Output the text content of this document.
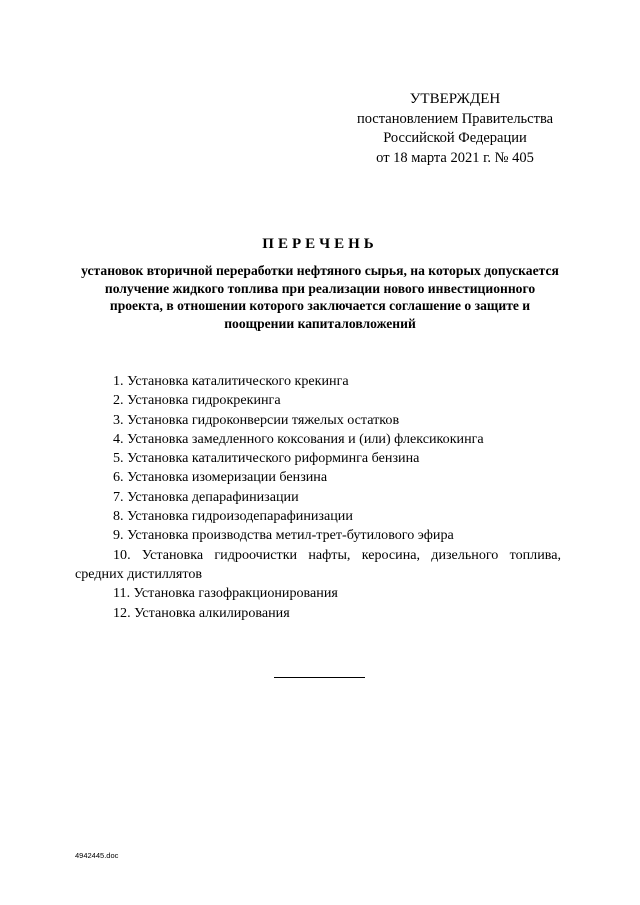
УТВЕРЖДЕН
постановлением Правительства
Российской Федерации
от 18 марта 2021 г. № 405
ПЕРЕЧЕНЬ
установок вторичной переработки нефтяного сырья, на которых допускается получение жидкого топлива при реализации нового инвестиционного проекта, в отношении которого заключается соглашение о защите и поощрении капиталовложений
1. Установка каталитического крекинга
2. Установка гидрокрекинга
3. Установка гидроконверсии тяжелых остатков
4. Установка замедленного коксования и (или) флексикокинга
5. Установка каталитического риформинга бензина
6. Установка изомеризации бензина
7. Установка депарафинизации
8. Установка гидроизодепарафинизации
9. Установка производства метил-трет-бутилового эфира
10. Установка гидроочистки нафты, керосина, дизельного топлива, средних дистиллятов
11. Установка газофракционирования
12. Установка алкилирования
4942445.doc
